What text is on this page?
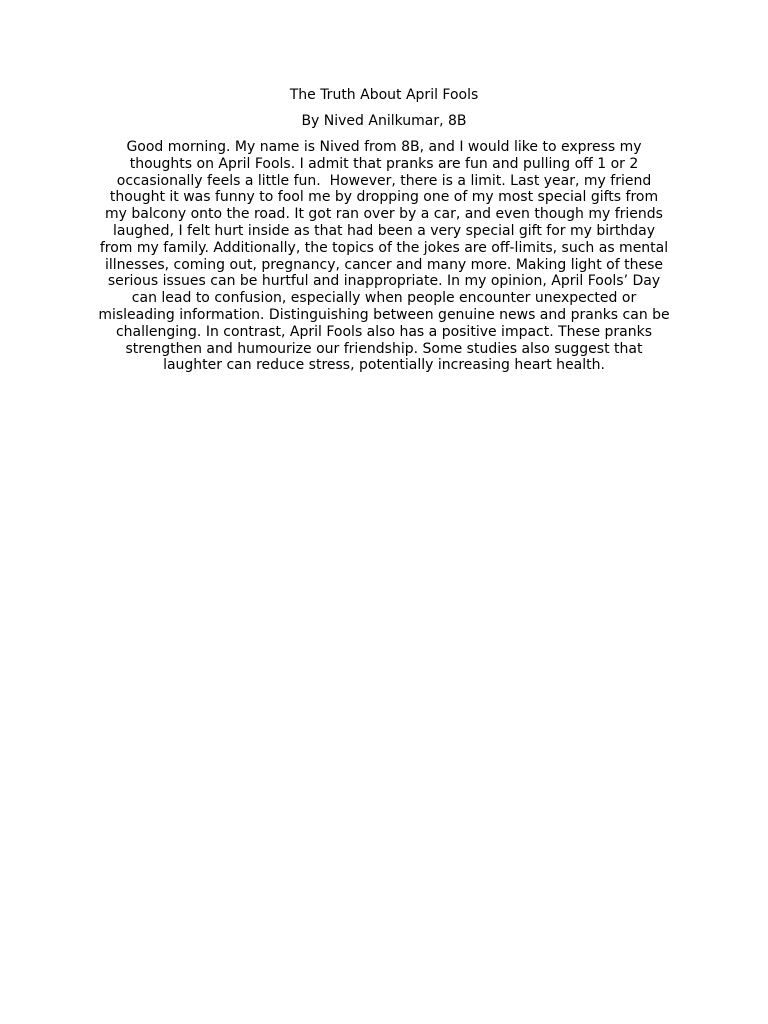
The Truth About April Fools
By Nived Anilkumar, 8B
Good morning. My name is Nived from 8B, and I would like to express my
thoughts on April Fools. I admit that pranks are fun and pulling off 1 or 2
occasionally feels a little fun.  However, there is a limit. Last year, my friend
thought it was funny to fool me by dropping one of my most special gifts from
my balcony onto the road. It got ran over by a car, and even though my friends
laughed, I felt hurt inside as that had been a very special gift for my birthday
from my family. Additionally, the topics of the jokes are off-limits, such as mental
illnesses, coming out, pregnancy, cancer and many more. Making light of these
serious issues can be hurtful and inappropriate. In my opinion, April Fools’ Day
can lead to confusion, especially when people encounter unexpected or
misleading information. Distinguishing between genuine news and pranks can be
challenging. In contrast, April Fools also has a positive impact. These pranks
strengthen and humourize our friendship. Some studies also suggest that
laughter can reduce stress, potentially increasing heart health.
